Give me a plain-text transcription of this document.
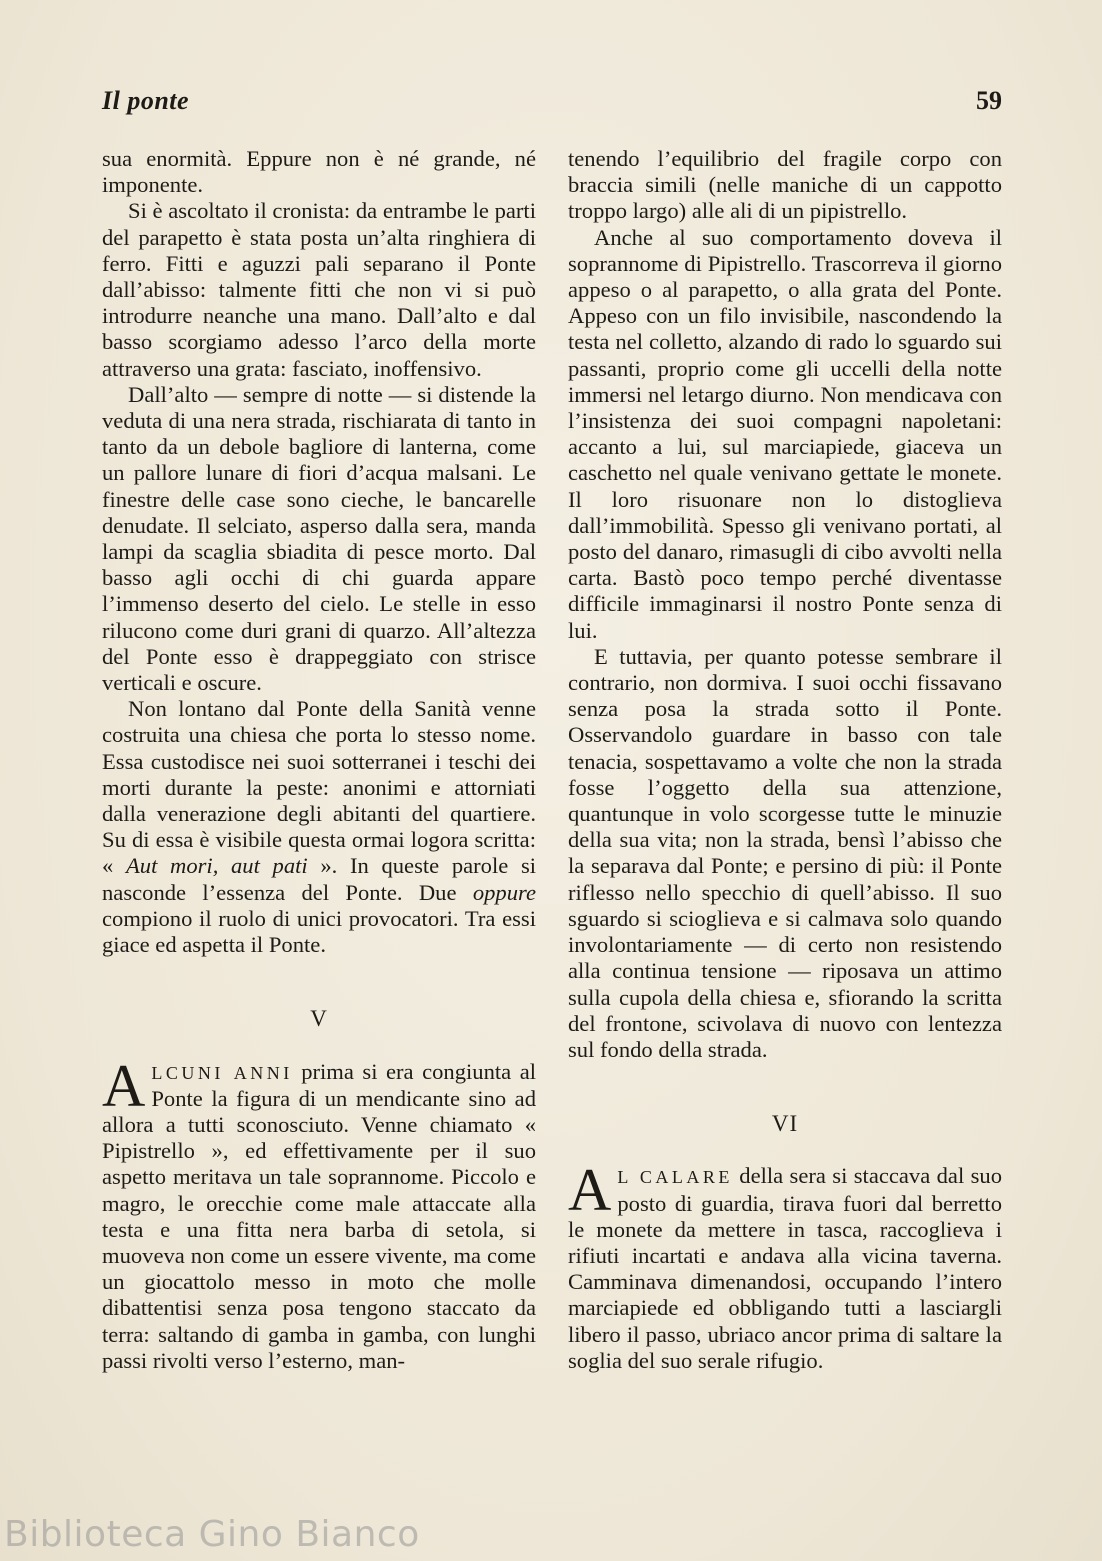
Il ponte	59

sua enormità. Eppure non è né grande, né imponente.

Si è ascoltato il cronista: da entrambe le parti del parapetto è stata posta un’alta ringhiera di ferro. Fitti e aguzzi pali separano il Ponte dall’abisso: talmente fitti che non vi si può introdurre neanche una mano. Dall’alto e dal basso scorgiamo adesso l’arco della morte attraverso una grata: fasciato, inoffensivo.

Dall’alto — sempre di notte — si distende la veduta di una nera strada, rischiarata di tanto in tanto da un debole bagliore di lanterna, come un pallore lunare di fiori d’acqua malsani. Le finestre delle case sono cieche, le bancarelle denudate. Il selciato, asperso dalla sera, manda lampi da scaglia sbiadita di pesce morto. Dal basso agli occhi di chi guarda appare l’immenso deserto del cielo. Le stelle in esso rilucono come duri grani di quarzo. All’altezza del Ponte esso è drappeggiato con strisce verticali e oscure.

Non lontano dal Ponte della Sanità venne costruita una chiesa che porta lo stesso nome. Essa custodisce nei suoi sotterranei i teschi dei morti durante la peste: anonimi e attorniati dalla venerazione degli abitanti del quartiere. Su di essa è visibile questa ormai logora scritta: « Aut mori, aut pati ». In queste parole si nasconde l’essenza del Ponte. Due oppure compiono il ruolo di unici provocatori. Tra essi giace ed aspetta il Ponte.

V

ALCUNI ANNI prima si era congiunta al Ponte la figura di un mendicante sino ad allora a tutti sconosciuto. Venne chiamato « Pipistrello », ed effettivamente per il suo aspetto meritava un tale soprannome. Piccolo e magro, le orecchie come male attaccate alla testa e una fitta nera barba di setola, si muoveva non come un essere vivente, ma come un giocattolo messo in moto che molle dibattentisi senza posa tengono staccato da terra: saltando di gamba in gamba, con lunghi passi rivolti verso l’esterno, man-

tenendo l’equilibrio del fragile corpo con braccia simili (nelle maniche di un cappotto troppo largo) alle ali di un pipistrello.

Anche al suo comportamento doveva il soprannome di Pipistrello. Trascorreva il giorno appeso o al parapetto, o alla grata del Ponte. Appeso con un filo invisibile, nascondendo la testa nel colletto, alzando di rado lo sguardo sui passanti, proprio come gli uccelli della notte immersi nel letargo diurno. Non mendicava con l’insistenza dei suoi compagni napoletani: accanto a lui, sul marciapiede, giaceva un caschetto nel quale venivano gettate le monete. Il loro risuonare non lo distoglieva dall’immobilità. Spesso gli venivano portati, al posto del danaro, rimasugli di cibo avvolti nella carta. Bastò poco tempo perché diventasse difficile immaginarsi il nostro Ponte senza di lui.

E tuttavia, per quanto potesse sembrare il contrario, non dormiva. I suoi occhi fissavano senza posa la strada sotto il Ponte. Osservandolo guardare in basso con tale tenacia, sospettavamo a volte che non la strada fosse l’oggetto della sua attenzione, quantunque in volo scorgesse tutte le minuzie della sua vita; non la strada, bensì l’abisso che la separava dal Ponte; e persino di più: il Ponte riflesso nello specchio di quell’abisso. Il suo sguardo si scioglieva e si calmava solo quando involontariamente — di certo non resistendo alla continua tensione — riposava un attimo sulla cupola della chiesa e, sfiorando la scritta del frontone, scivolava di nuovo con lentezza sul fondo della strada.

VI

A L CALARE della sera si staccava dal suo posto di guardia, tirava fuori dal berretto le monete da mettere in tasca, raccoglieva i rifiuti incartati e andava alla vicina taverna. Camminava dimenandosi, occupando l’intero marciapiede ed obbligando tutti a lasciargli libero il passo, ubriaco ancor prima di saltare la soglia del suo serale rifugio.

Biblioteca Gino Bianco
